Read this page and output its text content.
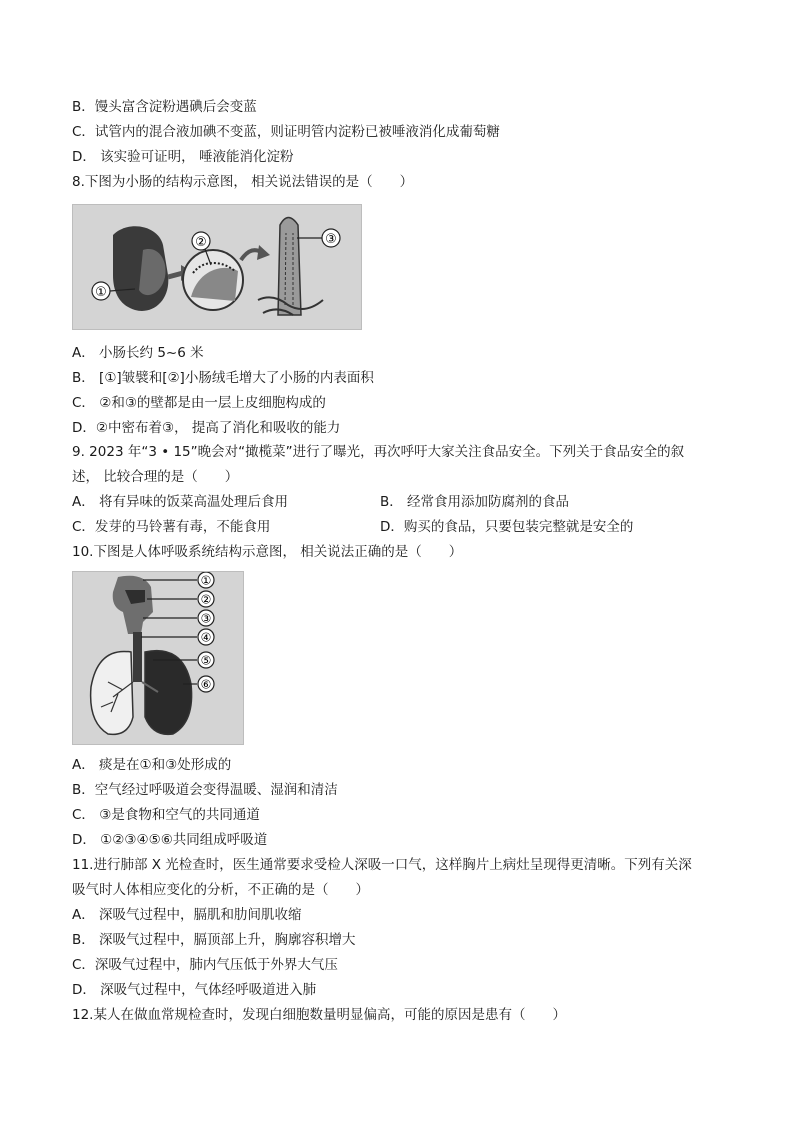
B．馒头富含淀粉遇碘后会变蓝
C．试管内的混合液加碘不变蓝，则证明管内淀粉已被唾液消化成葡萄糖
D． 该实验可证明， 唾液能消化淀粉
8.下图为小肠的结构示意图， 相关说法错误的是（　　）
①
②	③
A． 小肠长约 5~6 米
B． [①]皱襞和[②]小肠绒毛增大了小肠的内表面积
C． ②和③的壁都是由一层上皮细胞构成的
D．②中密布着③， 提高了消化和吸收的能力
9. 2023 年“3 • 15”晚会对“撖榄菜”进行了曝光，再次呼吁大家关注食品安全。下列关于食品安全的叙
述， 比较合理的是（　　）
A． 将有异味的饭菜高温处理后食用	B． 经常食用添加防腐剂的食品
C．发芽的马铃薯有毒，不能食用	D．购买的食品，只要包装完整就是安全的
10.下图是人体呼吸系统结构示意图， 相关说法正确的是（　　）
①
②
③
④
⑤
⑥
A． 痰是在①和③处形成的
B．空气经过呼吸道会变得温暖、湿润和清洁
C． ③是食物和空气的共同通道
D． ①②③④⑤⑥共同组成呼吸道
11.进行肺部 X 光检查时，医生通常要求受检人深吸一口气，这样胸片上病灶呈现得更清晰。下列有关深
吸气时人体相应变化的分析，不正确的是（　　）
A． 深吸气过程中，膈肌和肋间肌收缩
B． 深吸气过程中，膈顶部上升，胸廓容积增大
C．深吸气过程中，肺内气压低于外界大气压
D． 深吸气过程中，气体经呼吸道进入肺
12.某人在做血常规检查时，发现白细胞数量明显偏高，可能的原因是患有（　　）
